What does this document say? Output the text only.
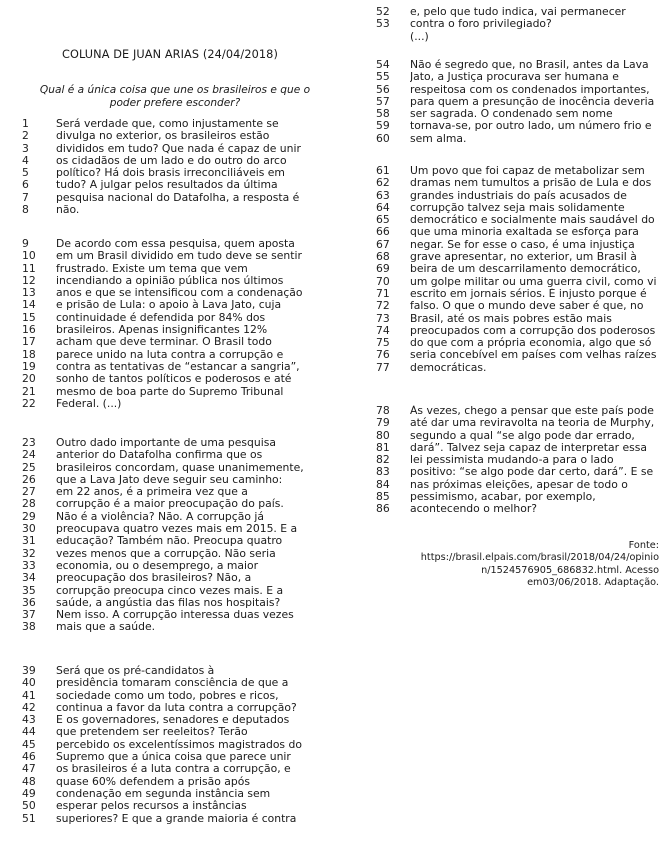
COLUNA DE JUAN ARIAS (24/04/2018)
Qual é a única coisa que une os brasileiros e que o poder prefere esconder?
1	Será verdade que, como injustamente se
2	divulga no exterior, os brasileiros estão
3	divididos em tudo? Que nada é capaz de unir
4	os cidadãos de um lado e do outro do arco
5	político? Há dois brasis irreconciliáveis em
6	tudo? A julgar pelos resultados da última
7	pesquisa nacional do Datafolha, a resposta é
8	não.
9	De acordo com essa pesquisa, quem aposta
10	em um Brasil dividido em tudo deve se sentir
11	frustrado. Existe um tema que vem
12	incendiando a opinião pública nos últimos
13	anos e que se intensificou com a condenação
14	e prisão de Lula: o apoio à Lava Jato, cuja
15	continuidade é defendida por 84% dos
16	brasileiros. Apenas insignificantes 12%
17	acham que deve terminar. O Brasil todo
18	parece unido na luta contra a corrupção e
19	contra as tentativas de “estancar a sangria”,
20	sonho de tantos políticos e poderosos e até
21	mesmo de boa parte do Supremo Tribunal
22	Federal. (...)
23	Outro dado importante de uma pesquisa
24	anterior do Datafolha confirma que os
25	brasileiros concordam, quase unanimemente,
26	que a Lava Jato deve seguir seu caminho:
27	em 22 anos, é a primeira vez que a
28	corrupção é a maior preocupação do país.
29	Não é a violência? Não. A corrupção já
30	preocupava quatro vezes mais em 2015. E a
31	educação? Também não. Preocupa quatro
32	vezes menos que a corrupção. Não seria
33	economia, ou o desemprego, a maior
34	preocupação dos brasileiros? Não, a
35	corrupção preocupa cinco vezes mais. E a
36	saúde, a angústia das filas nos hospitais?
37	Nem isso. A corrupção interessa duas vezes
38	mais que a saúde.
39	Será que os pré-candidatos à
40	presidência tomaram consciência de que a
41	sociedade como um todo, pobres e ricos,
42	continua a favor da luta contra a corrupção?
43	E os governadores, senadores e deputados
44	que pretendem ser reeleitos? Terão
45	percebido os excelentíssimos magistrados do
46	Supremo que a única coisa que parece unir
47	os brasileiros é a luta contra a corrupção, e
48	quase 60% defendem a prisão após
49	condenação em segunda instância sem
50	esperar pelos recursos a instâncias
51	superiores? E que a grande maioria é contra
52	e, pelo que tudo indica, vai permanecer
53	contra o foro privilegiado?
(...)
54	Não é segredo que, no Brasil, antes da Lava
55	Jato, a Justiça procurava ser humana e
56	respeitosa com os condenados importantes,
57	para quem a presunção de inocência deveria
58	ser sagrada. O condenado sem nome
59	tornava-se, por outro lado, um número frio e
60	sem alma.
61	Um povo que foi capaz de metabolizar sem
62	dramas nem tumultos a prisão de Lula e dos
63	grandes industriais do país acusados de
64	corrupção talvez seja mais solidamente
65	democrático e socialmente mais saudável do
66	que uma minoria exaltada se esforça para
67	negar. Se for esse o caso, é uma injustiça
68	grave apresentar, no exterior, um Brasil à
69	beira de um descarrilamento democrático,
70	um golpe militar ou uma guerra civil, como vi
71	escrito em jornais sérios. É injusto porque é
72	falso. O que o mundo deve saber é que, no
73	Brasil, até os mais pobres estão mais
74	preocupados com a corrupção dos poderosos
75	do que com a própria economia, algo que só
76	seria concebível em países com velhas raízes
77	democráticas.
78	Às vezes, chego a pensar que este país pode
79	até dar uma reviravolta na teoria de Murphy,
80	segundo a qual “se algo pode dar errado,
81	dará”. Talvez seja capaz de interpretar essa
82	lei pessimista mudando-a para o lado
83	positivo: “se algo pode dar certo, dará”. E se
84	nas próximas eleições, apesar de todo o
85	pessimismo, acabar, por exemplo,
86	acontecendo o melhor?
Fonte:
https://brasil.elpais.com/brasil/2018/04/24/opinio
n/1524576905_686832.html. Acesso
em03/06/2018. Adaptação.
